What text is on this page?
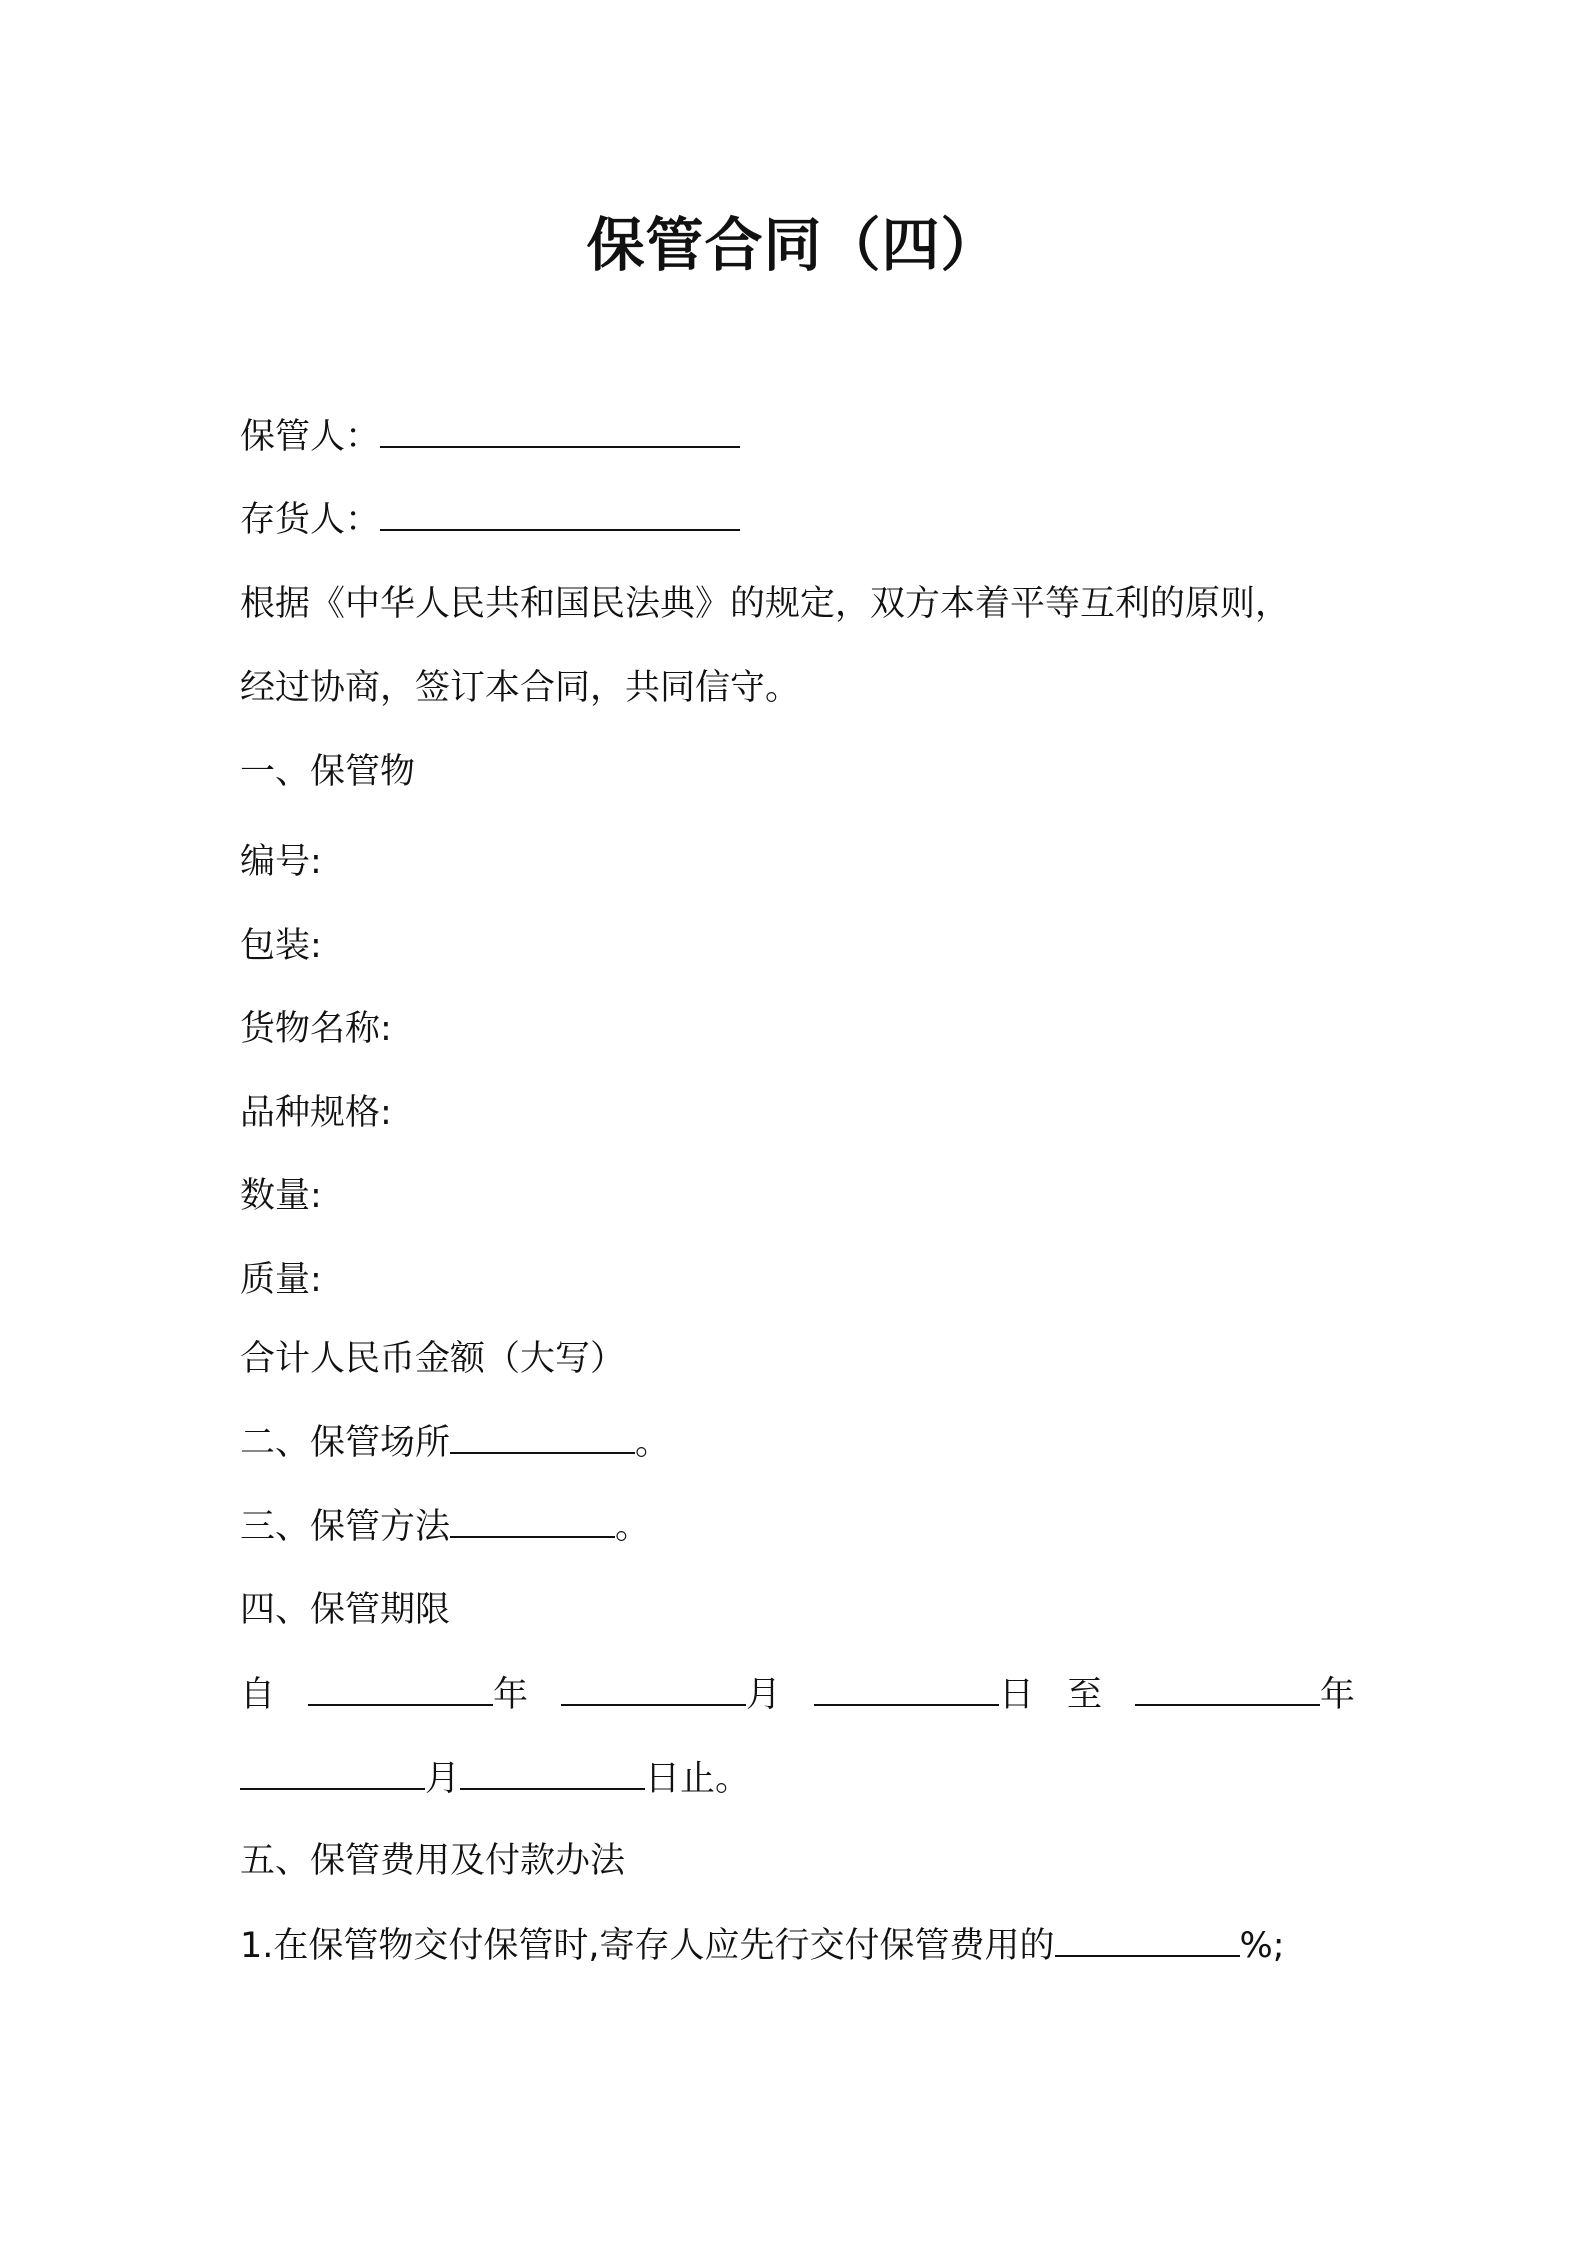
保管合同（四）
保管人：
存货人：
根据《中华人民共和国民法典》的规定，双方本着平等互利的原则，
经过协商，签订本合同，共同信守。
一、保管物
编号:
包装:
货物名称:
品种规格:
数量:
质量:
合计人民币金额（大写）
二、保管场所	。
三、保管方法	。
四、保管期限
自	年	月	日 至	年
月	日止。
五、保管费用及付款办法
1.在保管物交付保管时,寄存人应先行交付保管费用的	%;
